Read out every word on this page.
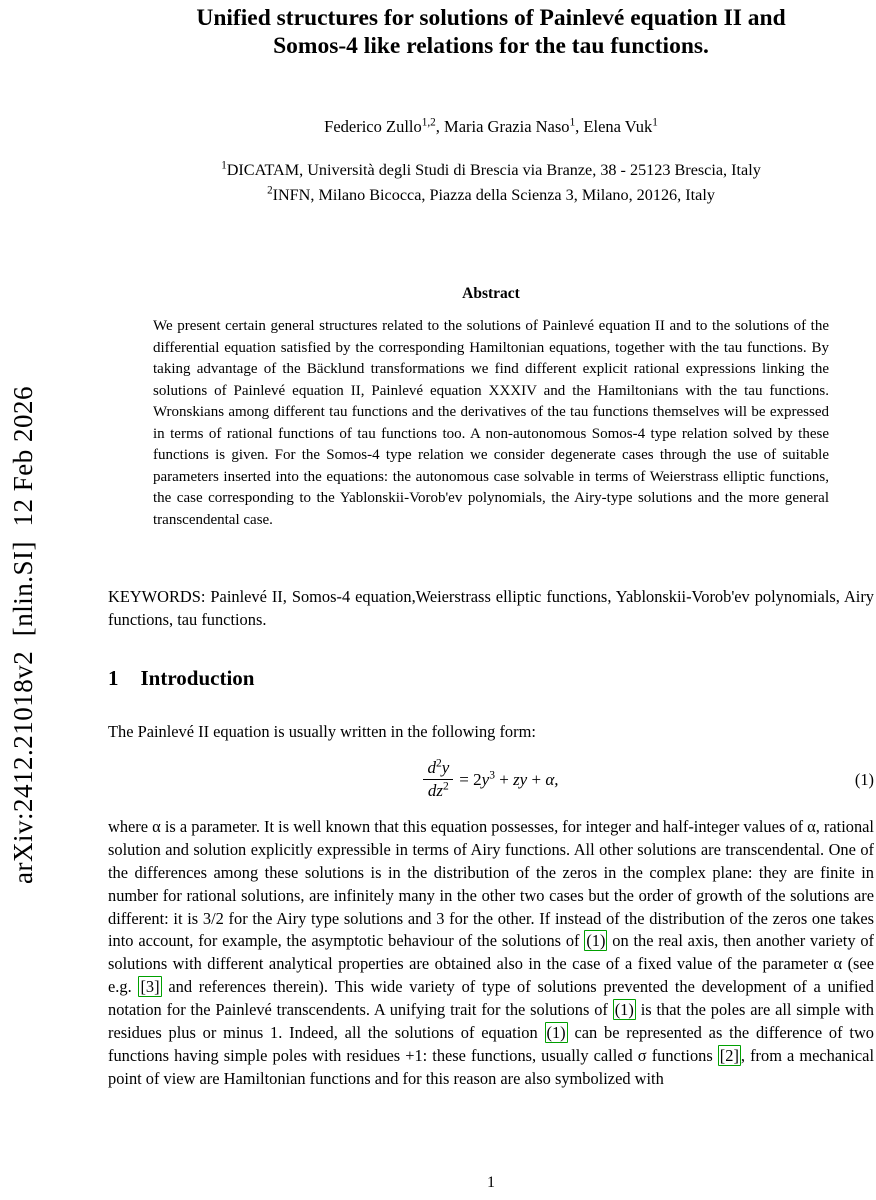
arXiv:2412.21018v2  [nlin.SI]  12 Feb 2026
Unified structures for solutions of Painlevé equation II and
Somos-4 like relations for the tau functions.
Federico Zullo$^{1,2}$, Maria Grazia Naso$^1$, Elena Vuk$^1$
$^1$DICATAM, Università degli Studi di Brescia via Branze, 38 - 25123 Brescia, Italy
$^2$INFN, Milano Bicocca, Piazza della Scienza 3, Milano, 20126, Italy
Abstract
We present certain general structures related to the solutions of Painlevé equation II and to the solutions of the differential equation satisfied by the corresponding Hamiltonian equations, together with the tau functions. By taking advantage of the Bäcklund transformations we find different explicit rational expressions linking the solutions of Painlevé equation II, Painlevé equation XXXIV and the Hamiltonians with the tau functions. Wronskians among different tau functions and the derivatives of the tau functions themselves will be expressed in terms of rational functions of tau functions too. A non-autonomous Somos-4 type relation solved by these functions is given. For the Somos-4 type relation we consider degenerate cases through the use of suitable parameters inserted into the equations: the autonomous case solvable in terms of Weierstrass elliptic functions, the case corresponding to the Yablonskii-Vorob'ev polynomials, the Airy-type solutions and the more general transcendental case.
KEYWORDS: Painlevé II, Somos-4 equation,Weierstrass elliptic functions, Yablonskii-Vorob'ev polynomials, Airy functions, tau functions.
1 Introduction
The Painlevé II equation is usually written in the following form:
$\frac{d^2y}{dz^2} = 2y^3$ + zy + α,	(1)
where α is a parameter. It is well known that this equation possesses, for integer and half-integer values of α, rational solution and solution explicitly expressible in terms of Airy functions. All other solutions are transcendental. One of the differences among these solutions is in the distribution of the zeros in the complex plane: they are finite in number for rational solutions, are infinitely many in the other two cases but the order of growth of the solutions are different: it is 3/2 for the Airy type solutions and 3 for the other. If instead of the distribution of the zeros one takes into account, for example, the asymptotic behaviour of the solutions of (1) on the real axis, then another variety of solutions with different analytical properties are obtained also in the case of a fixed value of the parameter α (see e.g. [3] and references therein). This wide variety of type of solutions prevented the development of a unified notation for the Painlevé transcendents. A unifying trait for the solutions of (1) is that the poles are all simple with residues plus or minus 1. Indeed, all the solutions of equation (1) can be represented as the difference of two functions having simple poles with residues +1: these functions, usually called σ functions [2] , from a mechanical point of view are Hamiltonian functions and for this reason are also symbolized with
1
